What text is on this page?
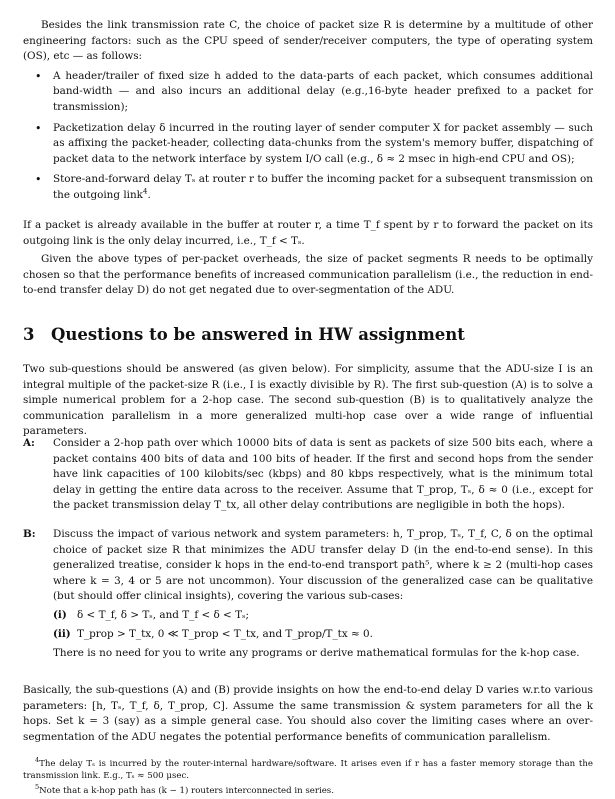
Besides the link transmission rate C, the choice of packet size R is determine by a multitude of other engineering factors: such as the CPU speed of sender/receiver computers, the type of operating system (OS), etc — as follows:

• A header/trailer of fixed size h added to the data-parts of each packet, which consumes additional band-width — and also incurs an additional delay (e.g.,16-byte header prefixed to a packet for transmission);
• Packetization delay δ incurred in the routing layer of sender computer X for packet assembly — such as affixing the packet-header, collecting data-chunks from the system's memory buffer, dispatching of packet data to the network interface by system I/O call (e.g., δ ≈ 2 msec in high-end CPU and OS);
• Store-and-forward delay Tₛ at router r to buffer the incoming packet for a subsequent transmission on the outgoing link$^4$.

If a packet is already available in the buffer at router r, a time T_f spent by r to forward the packet on its outgoing link is the only delay incurred, i.e., T_f < Tₛ.

Given the above types of per-packet overheads, the size of packet segments R needs to be optimally chosen so that the performance benefits of increased communication parallelism (i.e., the reduction in end-to-end transfer delay D) do not get negated due to over-segmentation of the ADU.

3 Questions to be answered in HW assignment

Two sub-questions should be answered (as given below). For simplicity, assume that the ADU-size I is an integral multiple of the packet-size R (i.e., I is exactly divisible by R). The first sub-question (A) is to solve a simple numerical problem for a 2-hop case. The second sub-question (B) is to qualitatively analyze the communication parallelism in a more generalized multi-hop case over a wide range of influential parameters.

A: Consider a 2-hop path over which 10000 bits of data is sent as packets of size 500 bits each, where a packet contains 400 bits of data and 100 bits of header. If the first and second hops from the sender have link capacities of 100 kilobits/sec (kbps) and 80 kbps respectively, what is the minimum total delay in getting the entire data across to the receiver. Assume that T_prop, Tₛ, δ ≈ 0 (i.e., except for the packet transmission delay T_tx, all other delay contributions are negligible in both the hops).
B: Discuss the impact of various network and system parameters: h, T_prop, Tₛ, T_f, C, δ on the optimal choice of packet size R that minimizes the ADU transfer delay D (in the end-to-end sense). In this generalized treatise, consider k hops in the end-to-end transport path⁵, where k ≥ 2 (multi-hop cases where k = 3, 4 or 5 are not uncommon). Your discussion of the generalized case can be qualitative (but should offer clinical insights), covering the various sub-cases:
(i) δ < T_f, δ > Tₛ, and T_f < δ < Tₛ;
(ii) T_prop > T_tx, 0 ≪ T_prop < T_tx, and T_prop/T_tx ≈ 0.
There is no need for you to write any programs or derive mathematical formulas for the k-hop case.

Basically, the sub-questions (A) and (B) provide insights on how the end-to-end delay D varies w.r.to various parameters: [h, Tₛ, T_f, δ, T_prop, C]. Assume the same transmission & system parameters for all the k hops. Set k = 3 (say) as a simple general case. You should also cover the limiting cases where an over-segmentation of the ADU negates the potential performance benefits of communication parallelism.

$^4$The delay Tₛ is incurred by the router-internal hardware/software. It arises even if r has a faster memory storage than the transmission link. E.g., Tₛ ≈ 500 μsec.
$^5$Note that a k-hop path has (k − 1) routers interconnected in series.
